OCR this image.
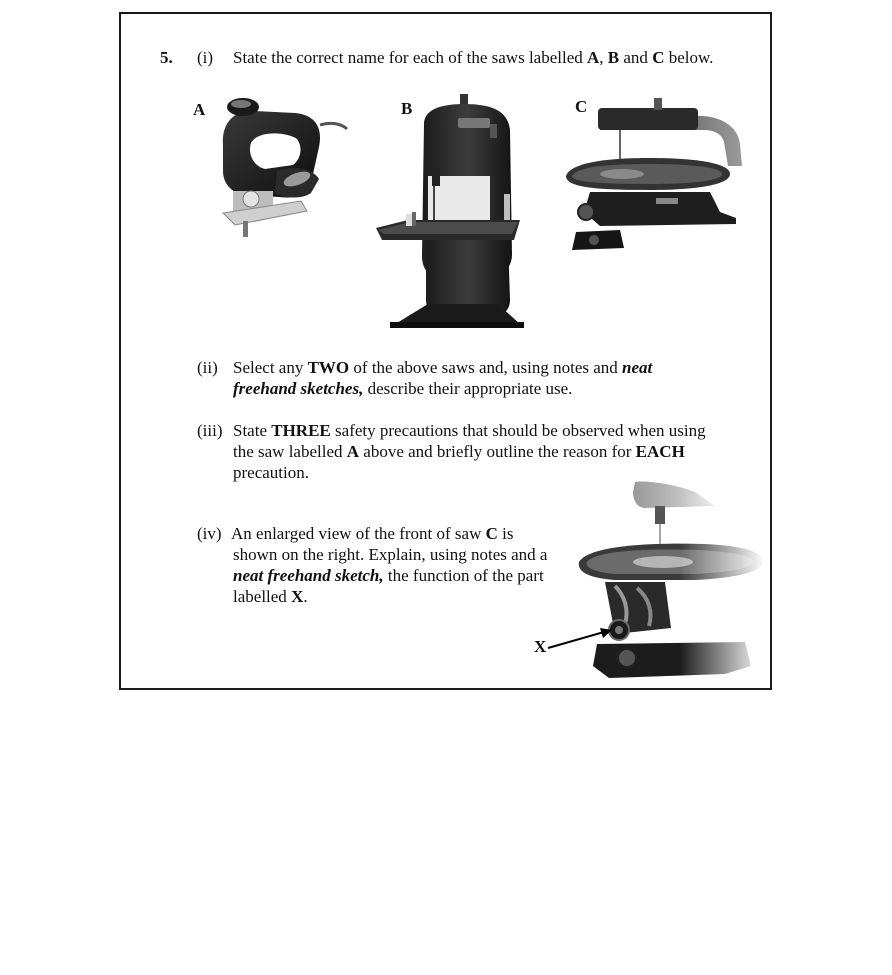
5. (i) State the correct name for each of the saws labelled A, B and C below.
A	B	C
(ii) Select any TWO of the above saws and, using notes and neat
freehand sketches, describe their appropriate use.
(iii) State THREE safety precautions that should be observed when using
the saw labelled A above and briefly outline the reason for EACH
precaution.
(iv) An enlarged view of the front of saw C is
shown on the right. Explain, using notes and a
neat freehand sketch, the function of the part
labelled X.
X
